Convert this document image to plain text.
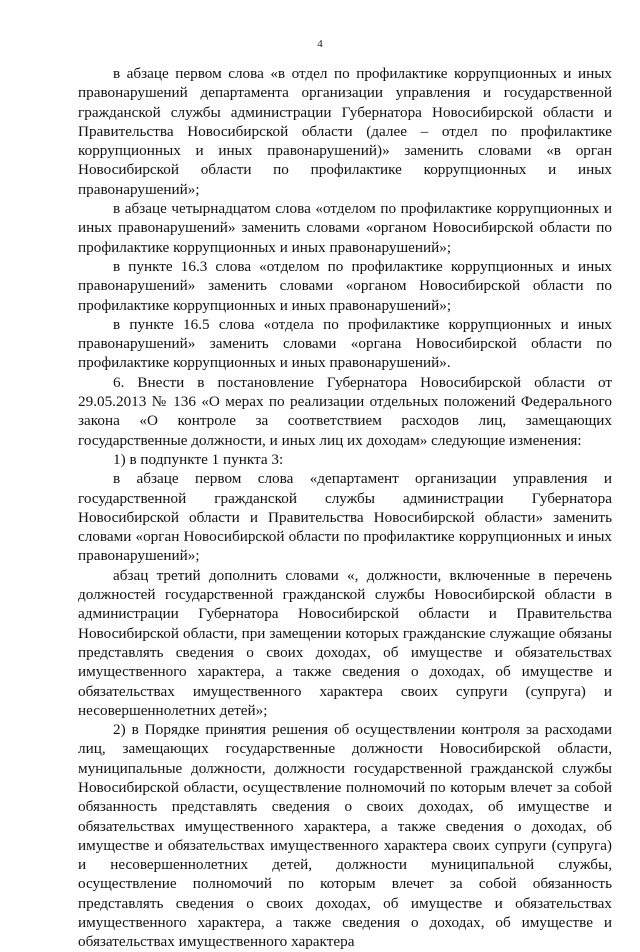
4

в абзаце первом слова «в отдел по профилактике коррупционных и иных правонарушений департамента организации управления и государственной гражданской службы администрации Губернатора Новосибирской области и Правительства Новосибирской области (далее – отдел по профилактике коррупционных и иных правонарушений)» заменить словами «в орган Новосибирской области по профилактике коррупционных и иных правонарушений»;

в абзаце четырнадцатом слова «отделом по профилактике коррупционных и иных правонарушений» заменить словами «органом Новосибирской области по профилактике коррупционных и иных правонарушений»;

в пункте 16.3 слова «отделом по профилактике коррупционных и иных правонарушений» заменить словами «органом Новосибирской области по профилактике коррупционных и иных правонарушений»;

в пункте 16.5 слова «отдела по профилактике коррупционных и иных правонарушений» заменить словами «органа Новосибирской области по профилактике коррупционных и иных правонарушений».

6. Внести в постановление Губернатора Новосибирской области от 29.05.2013 № 136 «О мерах по реализации отдельных положений Федерального закона «О контроле за соответствием расходов лиц, замещающих государственные должности, и иных лиц их доходам» следующие изменения:

1) в подпункте 1 пункта 3:

в абзаце первом слова «департамент организации управления и государственной гражданской службы администрации Губернатора Новосибирской области и Правительства Новосибирской области» заменить словами «орган Новосибирской области по профилактике коррупционных и иных правонарушений»;

абзац третий дополнить словами «, должности, включенные в перечень должностей государственной гражданской службы Новосибирской области в администрации Губернатора Новосибирской области и Правительства Новосибирской области, при замещении которых гражданские служащие обязаны представлять сведения о своих доходах, об имуществе и обязательствах имущественного характера, а также сведения о доходах, об имуществе и обязательствах имущественного характера своих супруги (супруга) и несовершеннолетних детей»;

2) в Порядке принятия решения об осуществлении контроля за расходами лиц, замещающих государственные должности Новосибирской области, муниципальные должности, должности государственной гражданской службы Новосибирской области, осуществление полномочий по которым влечет за собой обязанность представлять сведения о своих доходах, об имуществе и обязательствах имущественного характера, а также сведения о доходах, об имуществе и обязательствах имущественного характера своих супруги (супруга) и несовершеннолетних детей, должности муниципальной службы, осуществление полномочий по которым влечет за собой обязанность представлять сведения о своих доходах, об имуществе и обязательствах имущественного характера, а также сведения о доходах, об имуществе и обязательствах имущественного характера
